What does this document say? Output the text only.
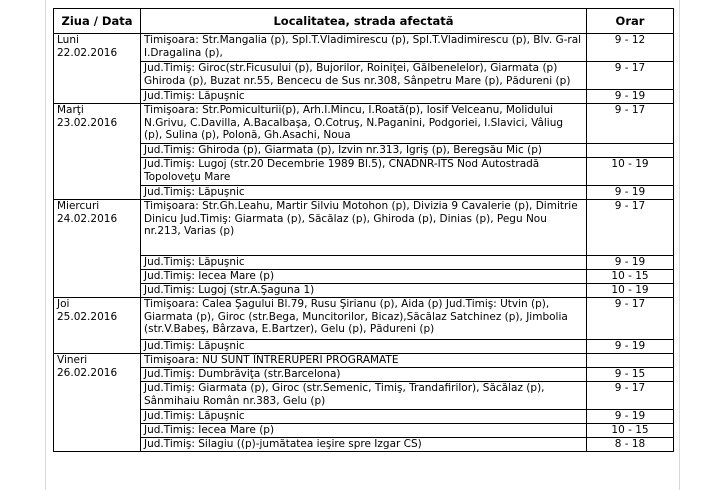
Ziua / Data	Localitatea, strada afectată	Orar

Luni
22.02.2016	Timişoara: Str.Mangalia (p), Spl.T.Vladimirescu (p), Spl.T.Vladimirescu (p), Blv. G-ral I.Dragalina (p),	9 - 12
	Jud.Timiş: Giroc(str.Ficusului (p), Bujorilor, Roiniţei, Gălbenelelor), Giarmata (p) Ghiroda (p), Buzat nr.55, Bencecu de Sus nr.308, Sânpetru Mare (p), Pădureni (p)	9 - 17
	Jud.Timiş: Lăpuşnic	9 - 19

Marţi
23.02.2016	Timişoara: Str.Pomiculturii(p), Arh.I.Mincu, I.Roată(p), Iosif Velceanu, Molidului N.Grivu, C.Davilla, A.Bacalbaşa, O.Cotruş, N.Paganini, Podgoriei, I.Slavici, Vâliug (p), Sulina (p), Polonă, Gh.Asachi, Noua	9 - 17
	Jud.Timiş: Ghiroda (p), Giarmata (p), Izvin nr.313, Igriş (p), Beregsău Mic (p)	
	Jud.Timiş: Lugoj (str.20 Decembrie 1989 Bl.5), CNADNR-ITS Nod Autostradă Topoloveţu Mare	10 - 19
	Jud.Timiş: Lăpuşnic	9 - 19

Miercuri
24.02.2016	Timişoara: Str.Gh.Leahu, Martir Silviu Motohon (p), Divizia 9 Cavalerie (p), Dimitrie Dinicu Jud.Timiş: Giarmata (p), Săcălaz (p), Ghiroda (p), Dinias (p), Pegu Nou nr.213, Varias (p)	9 - 17
	Jud.Timiş: Lăpuşnic	9 - 19
	Jud.Timiş: Iecea Mare (p)	10 - 15
	Jud.Timiş: Lugoj (str.A.Şaguna 1)	10 - 19

Joi
25.02.2016	Timişoara: Calea Şagului Bl.79, Rusu Şirianu (p), Aida (p) Jud.Timiş: Utvin (p), Giarmata (p), Giroc (str.Bega, Muncitorilor, Bicaz),Săcălaz Satchinez (p), Jimbolia (str.V.Babeş, Bârzava, E.Bartzer), Gelu (p), Pădureni (p)	9 - 17
	Jud.Timiş: Lăpuşnic	9 - 19

Vineri
26.02.2016	Timişoara: NU SUNT ÎNTRERUPERI PROGRAMATE	
	Jud.Timiş: Dumbrăviţa (str.Barcelona)	9 - 15
	Jud.Timiş: Giarmata (p), Giroc (str.Semenic, Timiş, Trandafirilor), Săcălaz (p), Sânmihaiu Român nr.383, Gelu (p)	9 - 17
	Jud.Timiş: Lăpuşnic	9 - 19
	Jud.Timiş: Iecea Mare (p)	10 - 15
	Jud.Timiş: Silagiu ((p)-jumătatea ieşire spre Izgar CS)	8 - 18
